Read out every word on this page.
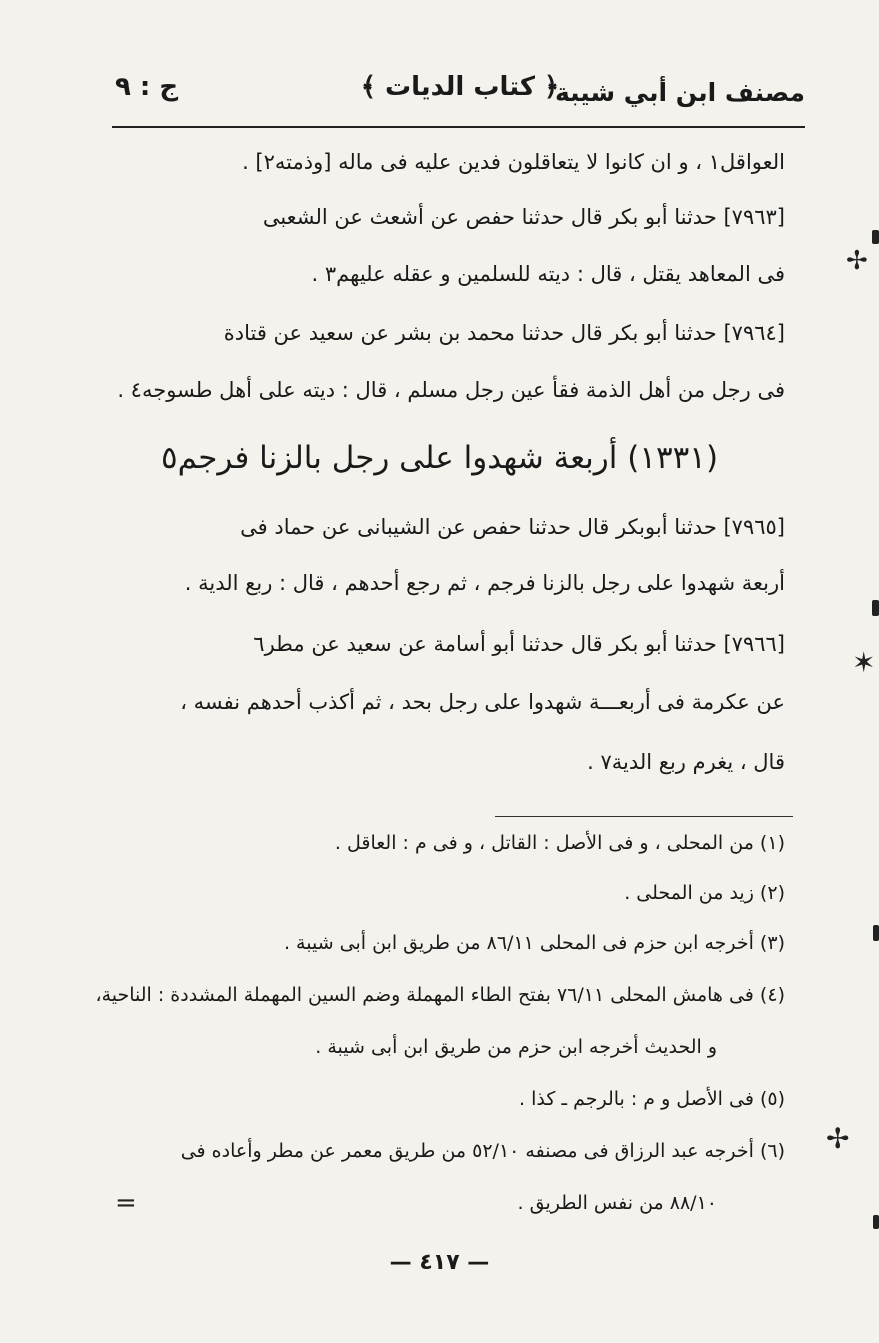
ج : ٩	﴿ كتاب الديات ﴾
مصنف ابن أبي شيبة
العواقل١ ، و ان كانوا لا يتعاقلون فدين عليه فى ماله [وذمته٢] .
[٧٩٦٣] حدثنا أبو بكر قال حدثنا حفص عن أشعث عن الشعبى
فى المعاهد يقتل ، قال : ديته للسلمين و عقله عليهم٣ .
[٧٩٦٤] حدثنا أبو بكر قال حدثنا محمد بن بشر عن سعيد عن قتادة
فى رجل من أهل الذمة فقأ عين رجل مسلم ، قال : ديته على أهل طسوجه٤ .
(١٣٣١) أربعة شهدوا على رجل بالزنا فرجم٥
[٧٩٦٥] حدثنا أبوبكر قال حدثنا حفص عن الشيبانى عن حماد فى
أربعة شهدوا على رجل بالزنا فرجم ، ثم رجع أحدهم ، قال : ربع الدية .
[٧٩٦٦] حدثنا أبو بكر قال حدثنا أبو أسامة عن سعيد عن مطر٦
عن عكرمة فى أربعـــة شهدوا على رجل بحد ، ثم أكذب أحدهم نفسه ،
قال ، يغرم ربع الدية٧ .
(١) من المحلى ، و فى الأصل : القاتل ، و فى م : العاقل .
(٢) زيد من المحلى .
(٣) أخرجه ابن حزم فى المحلى ٨٦/١١ من طريق ابن أبى شيبة .
(٤) فى هامش المحلى ٧٦/١١ بفتح الطاء المهملة وضم السين المهملة المشددة : الناحية،
و الحديث أخرجه ابن حزم من طريق ابن أبى شيبة .
(٥) فى الأصل و م : بالرجم ـ كذا .
(٦) أخرجه عبد الرزاق فى مصنفه ٥٢/١٠ من طريق معمر عن مطر وأعاده فى
٨٨/١٠ من نفس الطريق .
=
— ٤١٧ —
✢
✶
✢
